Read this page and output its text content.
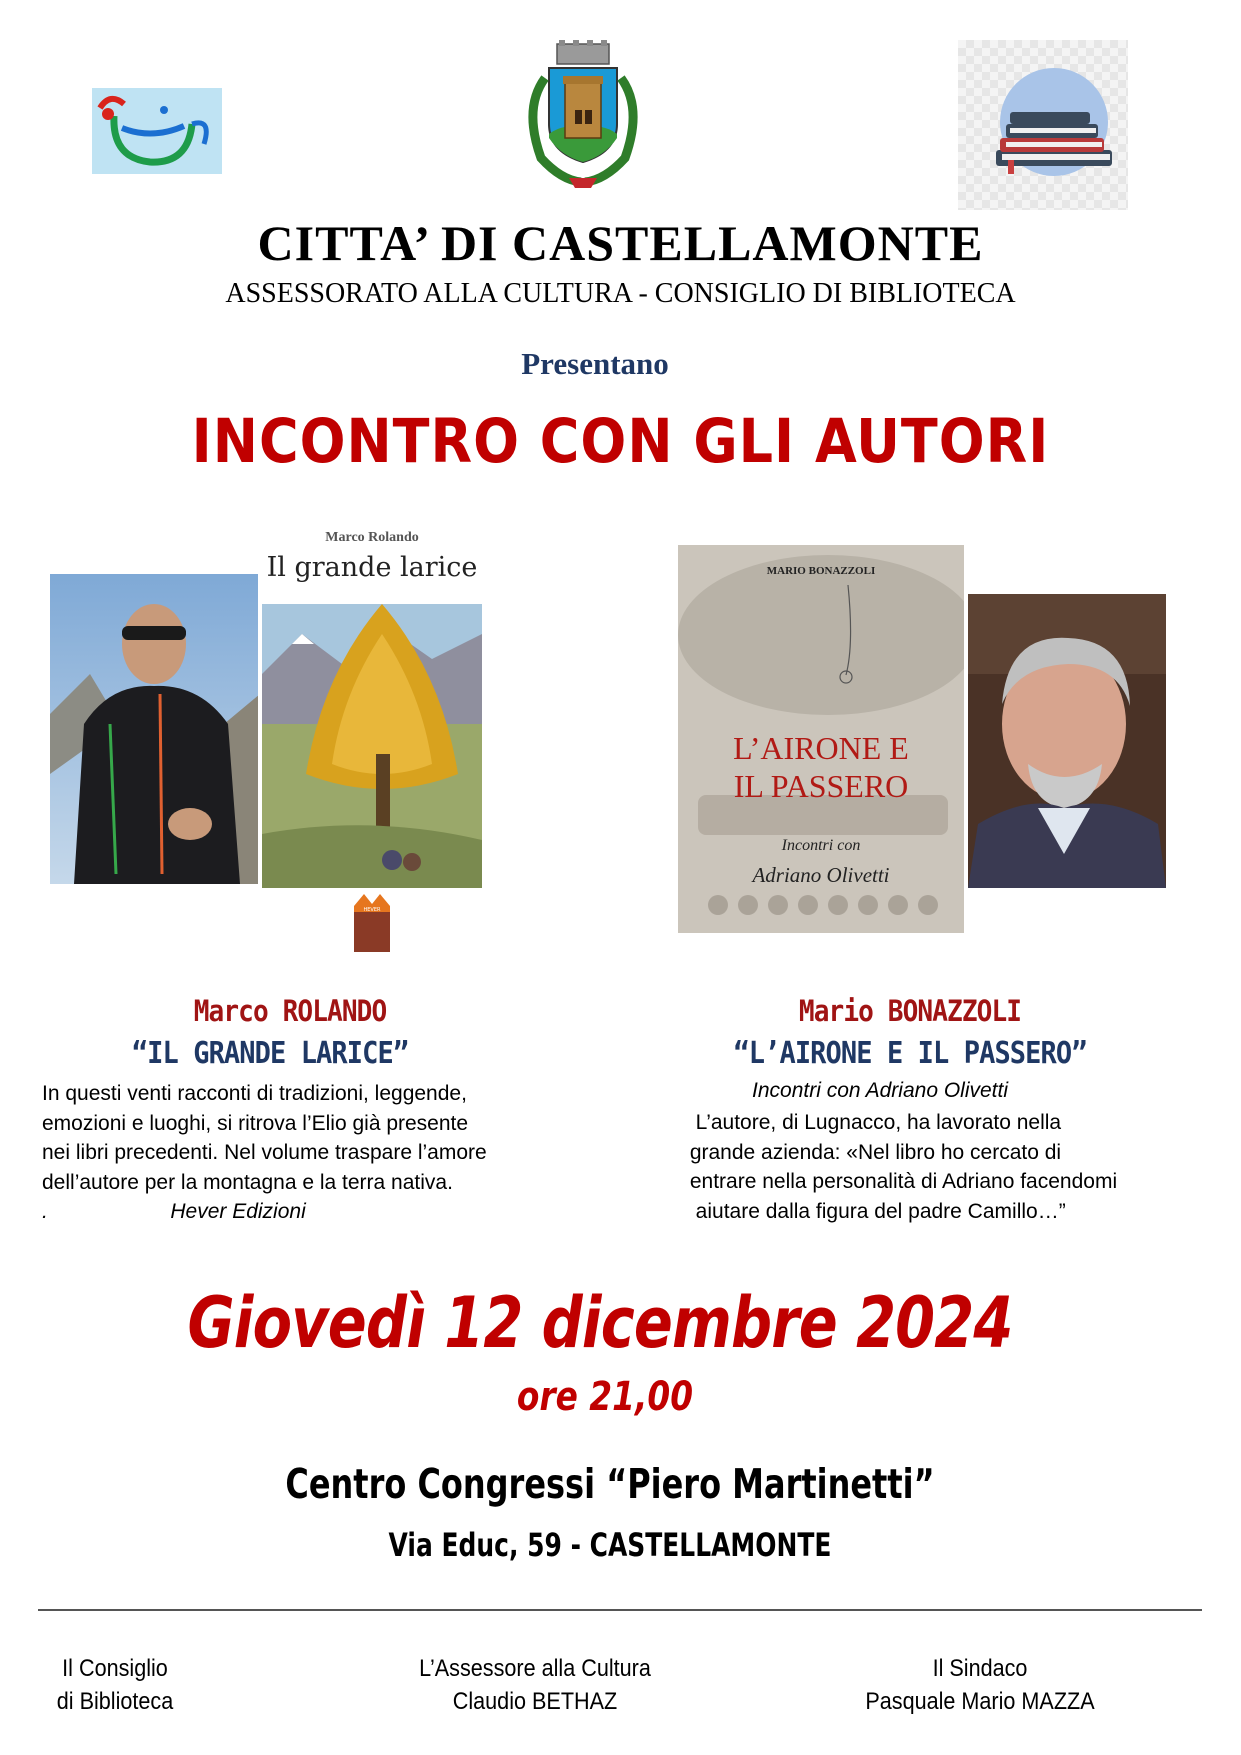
CITTA’ DI CASTELLAMONTE
ASSESSORATO ALLA CULTURA - CONSIGLIO DI BIBLIOTECA
Presentano
INCONTRO CON GLI AUTORI
Marco Rolando
Il grande larice
HEVER
MARIO BONAZZOLI
L’AIRONE E
IL PASSERO
Incontri con
Adriano Olivetti
Marco ROLANDO
“IL GRANDE LARICE”
In questi venti racconti di tradizioni, leggende,
emozioni e luoghi, si ritrova l’Elio già presente
nei libri precedenti. Nel volume traspare l’amore
dell’autore per la montagna e la terra nativa.
.                     Hever Edizioni
Mario BONAZZOLI
“L’AIRONE E IL PASSERO”
Incontri con Adriano Olivetti
L’autore, di Lugnacco, ha lavorato nella
grande azienda: «Nel libro ho cercato di
entrare nella personalità di Adriano facendomi
aiutare dalla figura del padre Camillo…”
Giovedì 12 dicembre 2024
ore 21,00
Centro Congressi “Piero Martinetti”
Via Educ, 59 - CASTELLAMONTE
Il Consiglio
di Biblioteca
L’Assessore alla Cultura
Claudio BETHAZ
Il Sindaco
Pasquale Mario MAZZA
